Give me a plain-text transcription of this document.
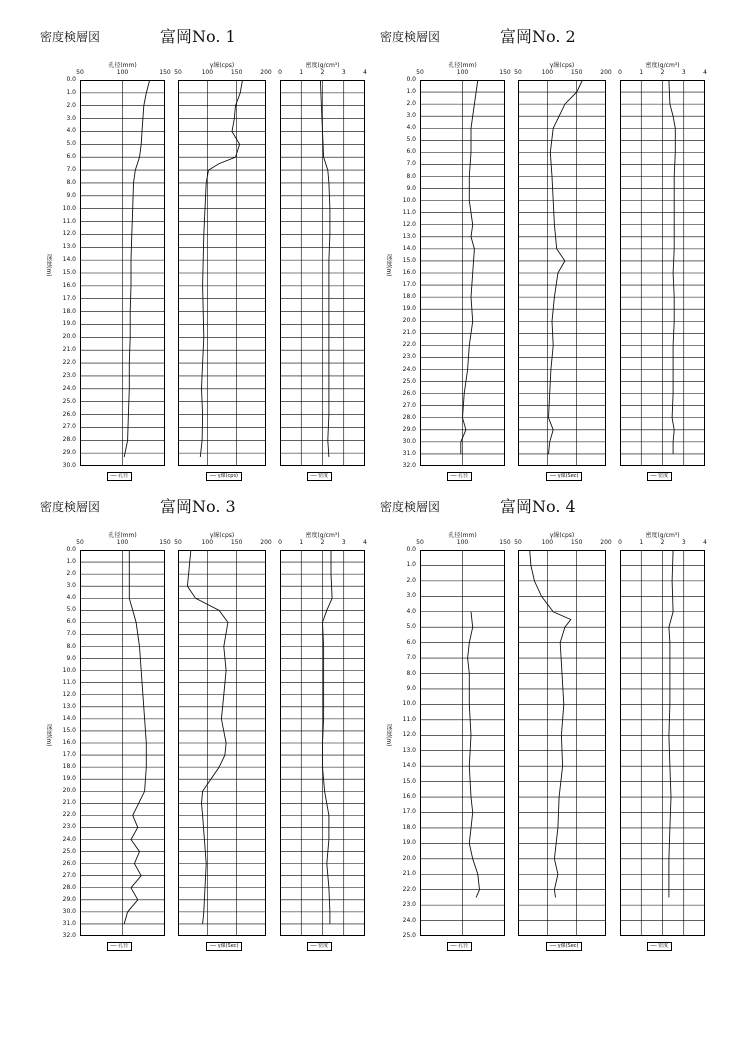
密度検層図	富岡No. 1
0.0
1.0
2.0
3.0
4.0
5.0
6.0
7.0
8.0
9.0
10.0
11.0
12.0
13.0
14.0
15.0
16.0
17.0
18.0
19.0
20.0
21.0
22.0
23.0
24.0
25.0
26.0
27.0
28.0
29.0
30.0
深度(m)
孔径(mm)
50	100	150
── 孔径
γ線(cps)
50	100	150	200
── γ線(cps)
密度(g/cm³)
0	1	2	3	4
── 密度
密度検層図	富岡No. 2
0.0
1.0
2.0
3.0
4.0
5.0
6.0
7.0
8.0
9.0
10.0
11.0
12.0
13.0
14.0
15.0
16.0
17.0
18.0
19.0
20.0
21.0
22.0
23.0
24.0
25.0
26.0
27.0
28.0
29.0
30.0
31.0
32.0
深度(m)
孔径(mm)
50	100	150
── 孔径
γ線(cps)
50	100	150	200
── γ線(Sec)
密度(g/cm³)
0	1	2	3	4
── 密度
密度検層図	富岡No. 3
0.0
1.0
2.0
3.0
4.0
5.0
6.0
7.0
8.0
9.0
10.0
11.0
12.0
13.0
14.0
15.0
16.0
17.0
18.0
19.0
20.0
21.0
22.0
23.0
24.0
25.0
26.0
27.0
28.0
29.0
30.0
31.0
32.0
深度(m)
孔径(mm)
50	100	150
── 孔径
γ線(cps)
50	100	150	200
── γ線(Sec)
密度(g/cm³)
0	1	2	3	4
── 密度
密度検層図	富岡No. 4
0.0
1.0
2.0
3.0
4.0
5.0
6.0
7.0
8.0
9.0
10.0
11.0
12.0
13.0
14.0
15.0
16.0
17.0
18.0
19.0
20.0
21.0
22.0
23.0
24.0
25.0
深度(m)
孔径(mm)
50	100	150
── 孔径
γ線(cps)
50	100	150	200
── γ線(Sec)
密度(g/cm³)
0	1	2	3	4
── 密度
